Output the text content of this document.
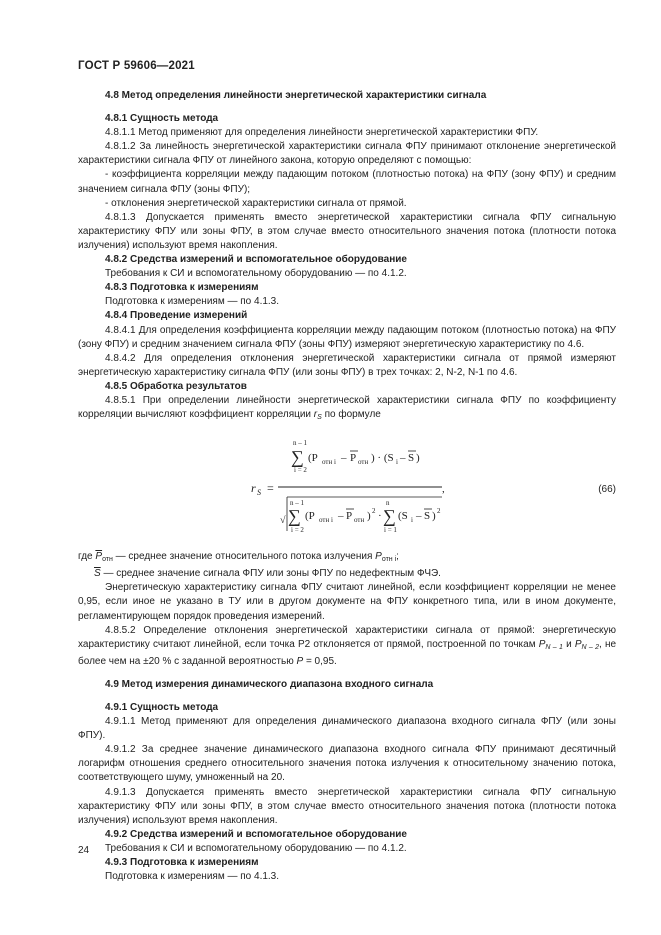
ГОСТ Р 59606—2021

4.8 Метод определения линейности энергетической характеристики сигнала

4.8.1 Сущность метода

4.8.1.1 Метод применяют для определения линейности энергетической характеристики ФПУ.

4.8.1.2 За линейность энергетической характеристики сигнала ФПУ принимают отклонение энергетической характеристики сигнала ФПУ от линейного закона, которую определяют с помощью:

- коэффициента корреляции между падающим потоком (плотностью потока) на ФПУ (зону ФПУ) и средним значением сигнала ФПУ (зоны ФПУ);

- отклонения энергетической характеристики сигнала от прямой.

4.8.1.3 Допускается применять вместо энергетической характеристики сигнала ФПУ сигнальную характеристику ФПУ или зоны ФПУ, в этом случае вместо относительного значения потока (плотности потока излучения) используют время накопления.

4.8.2 Средства измерений и вспомогательное оборудование

Требования к СИ и вспомогательному оборудованию — по 4.1.2.

4.8.3 Подготовка к измерениям

Подготовка к измерениям — по 4.1.3.

4.8.4 Проведение измерений

4.8.4.1 Для определения коэффициента корреляции между падающим потоком (плотностью потока) на ФПУ (зону ФПУ) и средним значением сигнала ФПУ (зоны ФПУ) измеряют энергетическую характеристику по 4.6.

4.8.4.2 Для определения отклонения энергетической характеристики сигнала от прямой измеряют энергетическую характеристику сигнала ФПУ (или зоны ФПУ) в трех точках: 2, N-2, N-1 по 4.6.

4.8.5 Обработка результатов

4.8.5.1 При определении линейности энергетической характеристики сигнала ФПУ по коэффициенту корреляции вычисляют коэффициент корреляции $r_S$ по формуле

r S =
n – 1
∑
i = 2
(P отн i – P отн ) · (S i – S )
√
n – 1
∑
i = 2
(P отн i – P отн ) 2 ·
n
∑
i = 1
(S i – S ) 2
,	(66)

где $\overline{P}_{отн}$ — среднее значение относительного потока излучения $P_{отн i}$;

$\overline{S}$ — среднее значение сигнала ФПУ или зоны ФПУ по недефектным ФЧЭ.

Энергетическую характеристику сигнала ФПУ считают линейной, если коэффициент корреляции не менее 0,95, если иное не указано в ТУ или в другом документе на ФПУ конкретного типа, или в ином документе, регламентирующем порядок проведения измерений.

4.8.5.2 Определение отклонения энергетической характеристики сигнала от прямой: энергетическую характеристику считают линейной, если точка Р2 отклоняется от прямой, построенной по точкам $P_{N - 1}$ и $P_{N - 2}$, не более чем на ±20 % с заданной вероятностью P = 0,95.

4.9 Метод измерения динамического диапазона входного сигнала

4.9.1 Сущность метода

4.9.1.1 Метод применяют для определения динамического диапазона входного сигнала ФПУ (или зоны ФПУ).

4.9.1.2 За среднее значение динамического диапазона входного сигнала ФПУ принимают десятичный логарифм отношения среднего относительного значения потока излучения к относительному значению потока, соответствующего шуму, умноженный на 20.

4.9.1.3 Допускается применять вместо энергетической характеристики сигнала ФПУ сигнальную характеристику ФПУ или зоны ФПУ, в этом случае вместо относительного значения потока (плотности потока излучения) используют время накопления.

4.9.2 Средства измерений и вспомогательное оборудование

Требования к СИ и вспомогательному оборудованию — по 4.1.2.

4.9.3 Подготовка к измерениям

Подготовка к измерениям — по 4.1.3.

24
